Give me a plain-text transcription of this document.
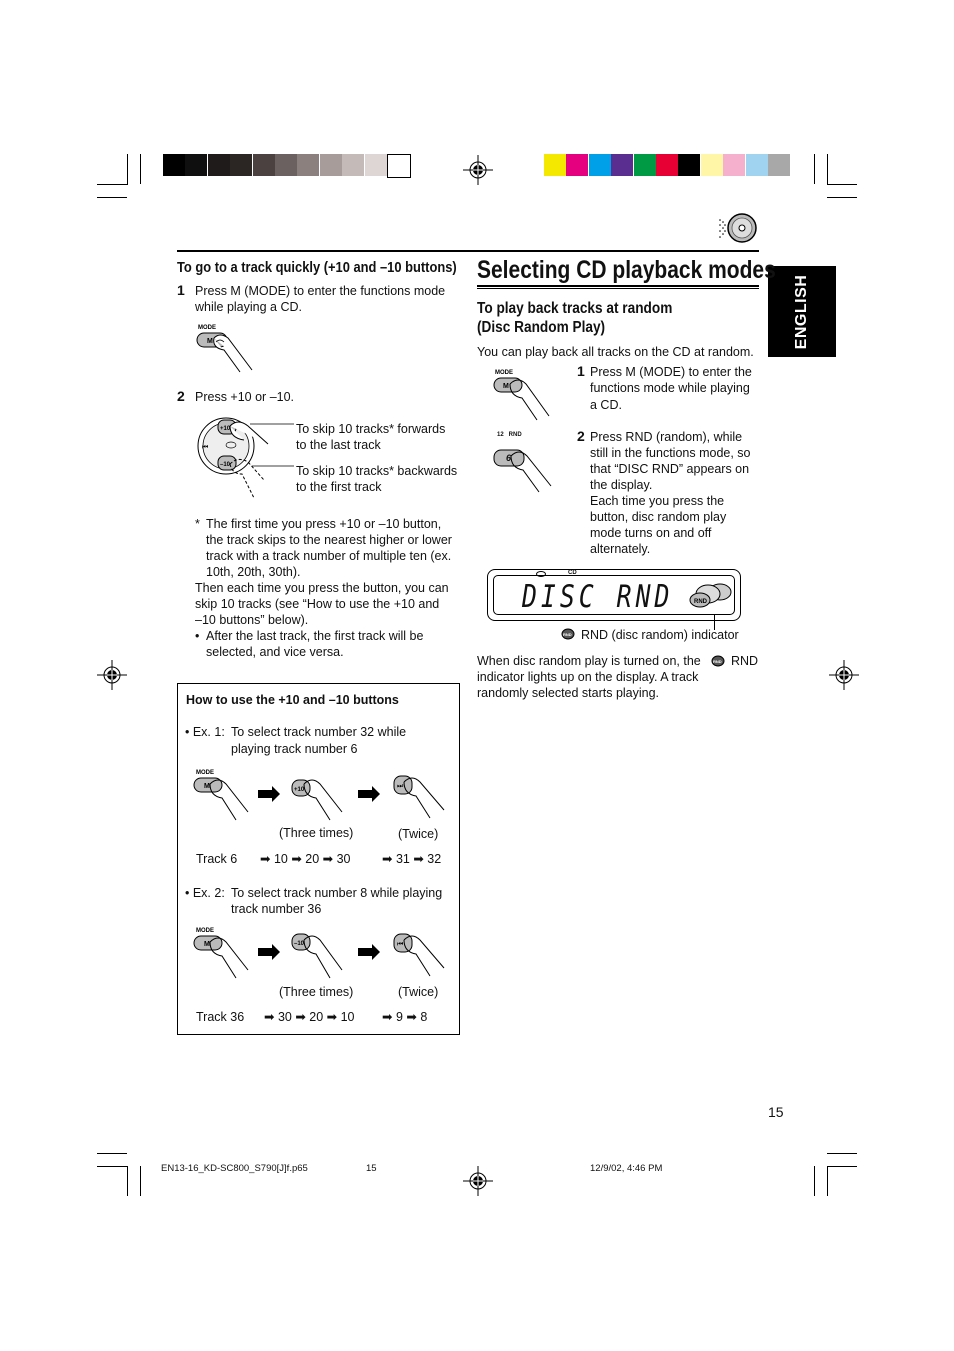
ENGLISH
To go to a track quickly (+10 and –10 buttons)
1 Press M (MODE) to enter the functions mode
while playing a CD.
MODE
M
2 Press +10 or –10.
+10
–10
⏮
To skip 10 tracks* forwards
to the last track
To skip 10 tracks* backwards
to the first track
* The first time you press +10 or –10 button,
the track skips to the nearest higher or lower
track with a track number of multiple ten (ex.
10th, 20th, 30th).
Then each time you press the button, you can
skip 10 tracks (see “How to use the +10 and
–10 buttons” below).
• After the last track, the first track will be
selected, and vice versa.
How to use the +10 and –10 buttons
• Ex. 1: To select track number 32 while
playing track number 6
MODE
M	+10	⏭
(Three times)	(Twice)
Track 6 ➡ 10 ➡ 20 ➡ 30	➡ 31 ➡ 32
• Ex. 2: To select track number 8 while playing
track number 36
MODE
M	–10	⏮
(Three times)	(Twice)
Track 36 ➡ 30 ➡ 20 ➡ 10 ➡ 9 ➡ 8
Selecting CD playback modes
To play back tracks at random
(Disc Random Play)
You can play back all tracks on the CD at random.
MODE
M
1 Press M (MODE) to enter the
functions mode while playing
a CD.
12   RND
6
2 Press RND (random), while
still in the functions mode, so
that “DISC RND” appears on
the display.
Each time you press the
button, disc random play
mode turns on and off
alternately.
CD
DISC RND	RND
RND RND (disc random) indicator
When disc random play is turned on, the	RND RND
indicator lights up on the display. A track
randomly selected starts playing.
15
EN13-16_KD-SC800_S790[J]f.p65	15	12/9/02, 4:46 PM
